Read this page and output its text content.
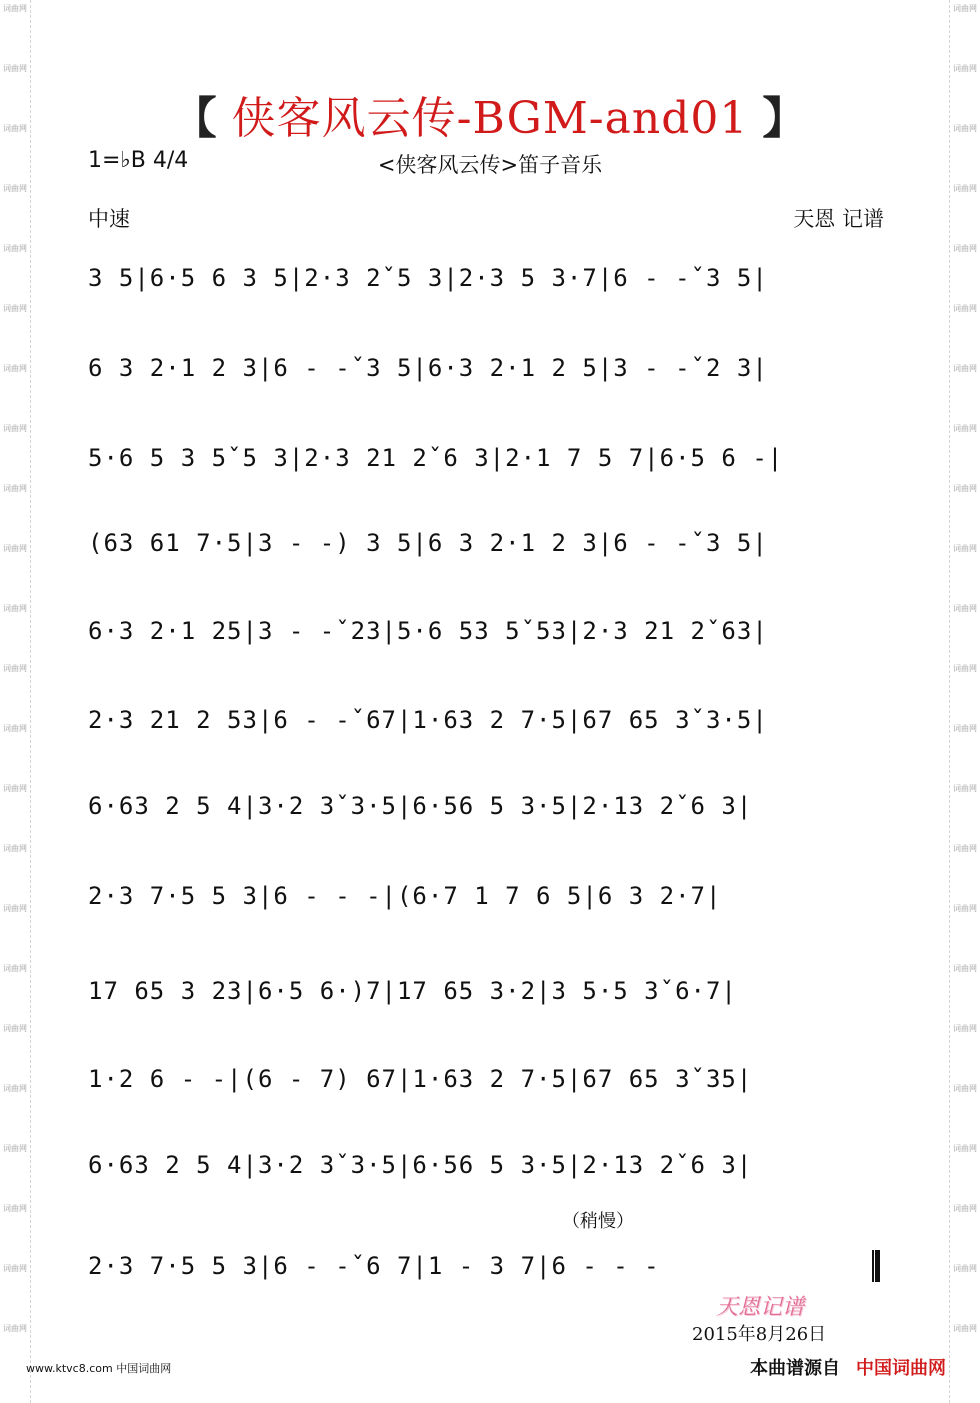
词曲网
词曲网
词曲网
词曲网
词曲网
词曲网
词曲网
词曲网
词曲网
词曲网
词曲网
词曲网
词曲网
词曲网
词曲网
词曲网
词曲网
词曲网
词曲网
词曲网
词曲网
词曲网
词曲网
词曲网
词曲网
词曲网
词曲网
词曲网
词曲网
词曲网
词曲网
词曲网
词曲网
词曲网
词曲网
词曲网
词曲网
词曲网
词曲网
词曲网
词曲网
词曲网
词曲网
词曲网
词曲网
词曲网
【 侠客风云传-BGM-and01 】
1=♭B 4/4	<侠客风云传>笛子音乐
中速	天恩 记谱
3 5|6·5 6 3 5|2·3 2ˇ5 3|2·3 5 3·7|6 - -ˇ3 5|
6 3 2·1 2 3|6 - -ˇ3 5|6·3 2·1 2 5|3 - -ˇ2 3|
5·6 5 3 5ˇ5 3|2·3 21 2ˇ6 3|2·1 7 5 7|6·5 6 -|
(63 61 7·5|3 - -) 3 5|6 3 2·1 2 3|6 - -ˇ3 5|
6·3 2·1 25|3 - -ˇ23|5·6 53 5ˇ53|2·3 21 2ˇ63|
2·3 21 2 53|6 - -ˇ67|1·63 2 7·5|67 65 3ˇ3·5|
6·63 2 5 4|3·2 3ˇ3·5|6·56 5 3·5|2·13 2ˇ6 3|
2·3 7·5 5 3|6 - - -|(6·7 1 7 6 5|6 3 2·7|
17 65 3 23|6·5 6·)7|17 65 3·2|3 5·5 3ˇ6·7|
1·2 6 - -|(6 - 7) 67|1·63 2 7·5|67 65 3ˇ35|
6·63 2 5 4|3·2 3ˇ3·5|6·56 5 3·5|2·13 2ˇ6 3|
2·3 7·5 5 3|6 - -ˇ6 7|1 - 3 7|6 - - -
（稍慢）
天恩记谱
2015年8月26日
www.ktvc8.com 中国词曲网	本曲谱源自 中国词曲网
